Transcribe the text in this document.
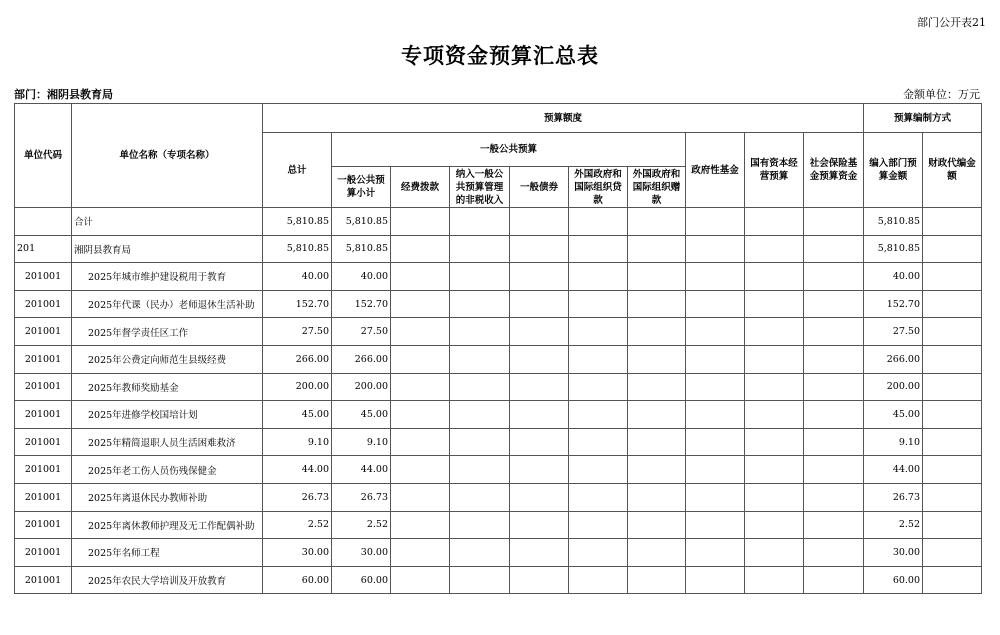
部门公开表21
专项资金预算汇总表
部门：湘阴县教育局	金额单位：万元
单位代码	单位名称（专项名称）	预算额度										预算编制方式	
		总计	一般公共预算						政府性基金	国有资本经营预算	社会保险基金预算资金	编入部门预算金额	财政代编金额
			一般公共预算小计	经费拨款	纳入一般公共预算管理的非税收入	一般债券	外国政府和国际组织贷款	外国政府和国际组织赠款					
	合计	5,810.85	5,810.85									5,810.85	
201	湘阴县教育局	5,810.85	5,810.85									5,810.85	
201001	2025年城市维护建设税用于教育	40.00	40.00									40.00	
201001	2025年代课（民办）老师退休生活补助	152.70	152.70									152.70	
201001	2025年督学责任区工作	27.50	27.50									27.50	
201001	2025年公费定向师范生县级经费	266.00	266.00									266.00	
201001	2025年教师奖励基金	200.00	200.00									200.00	
201001	2025年进修学校国培计划	45.00	45.00									45.00	
201001	2025年精简退职人员生活困难救济	9.10	9.10									9.10	
201001	2025年老工伤人员伤残保健金	44.00	44.00									44.00	
201001	2025年离退休民办教师补助	26.73	26.73									26.73	
201001	2025年离休教师护理及无工作配偶补助	2.52	2.52									2.52	
201001	2025年名师工程	30.00	30.00									30.00	
201001	2025年农民大学培训及开放教育	60.00	60.00									60.00	
